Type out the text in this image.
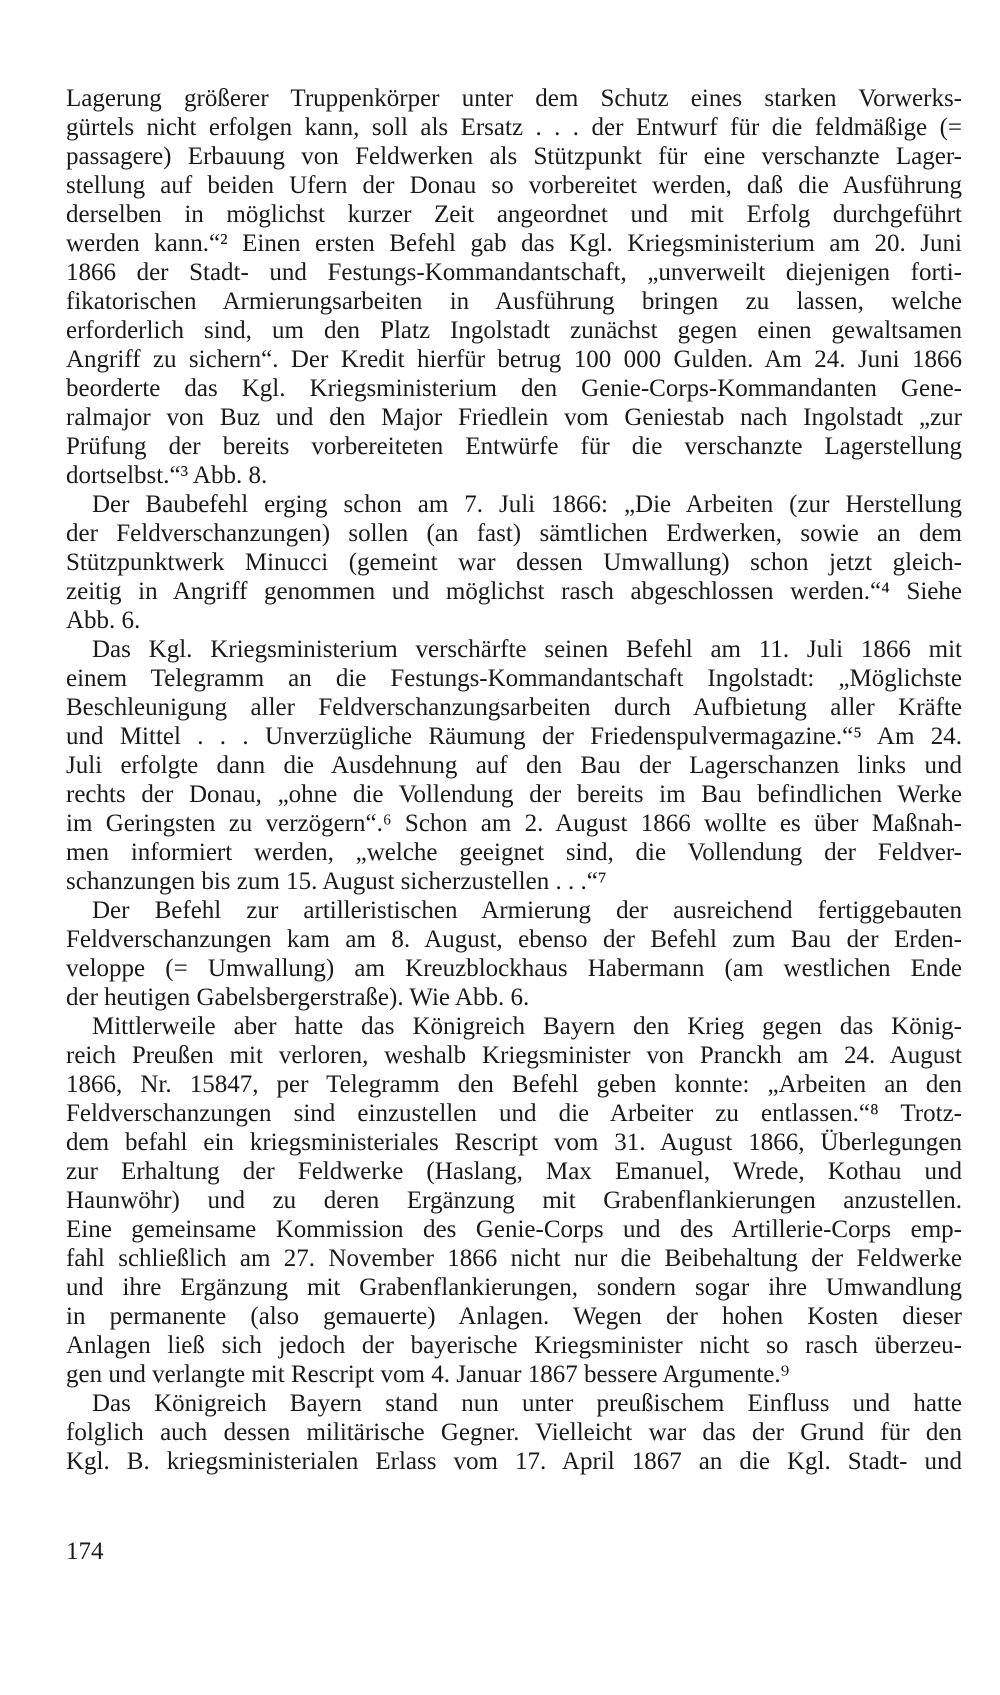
Lagerung größerer Truppenkörper unter dem Schutz eines starken Vorwerks-
gürtels nicht erfolgen kann, soll als Ersatz . . . der Entwurf für die feldmäßige (=
passagere) Erbauung von Feldwerken als Stützpunkt für eine verschanzte Lager-
stellung auf beiden Ufern der Donau so vorbereitet werden, daß die Ausführung
derselben in möglichst kurzer Zeit angeordnet und mit Erfolg durchgeführt
werden kann.“² Einen ersten Befehl gab das Kgl. Kriegsministerium am 20. Juni
1866 der Stadt- und Festungs-Kommandantschaft, „unverweilt diejenigen forti-
fikatorischen Armierungsarbeiten in Ausführung bringen zu lassen, welche
erforderlich sind, um den Platz Ingolstadt zunächst gegen einen gewaltsamen
Angriff zu sichern“. Der Kredit hierfür betrug 100 000 Gulden. Am 24. Juni 1866
beorderte das Kgl. Kriegsministerium den Genie-Corps-Kommandanten Gene-
ralmajor von Buz und den Major Friedlein vom Geniestab nach Ingolstadt „zur
Prüfung der bereits vorbereiteten Entwürfe für die verschanzte Lagerstellung
dortselbst.“³ Abb. 8.
Der Baubefehl erging schon am 7. Juli 1866: „Die Arbeiten (zur Herstellung
der Feldverschanzungen) sollen (an fast) sämtlichen Erdwerken, sowie an dem
Stützpunktwerk Minucci (gemeint war dessen Umwallung) schon jetzt gleich-
zeitig in Angriff genommen und möglichst rasch abgeschlossen werden.“⁴ Siehe
Abb. 6.
Das Kgl. Kriegsministerium verschärfte seinen Befehl am 11. Juli 1866 mit
einem Telegramm an die Festungs-Kommandantschaft Ingolstadt: „Möglichste
Beschleunigung aller Feldverschanzungsarbeiten durch Aufbietung aller Kräfte
und Mittel . . . Unverzügliche Räumung der Friedenspulvermagazine.“⁵ Am 24.
Juli erfolgte dann die Ausdehnung auf den Bau der Lagerschanzen links und
rechts der Donau, „ohne die Vollendung der bereits im Bau befindlichen Werke
im Geringsten zu verzögern“.⁶ Schon am 2. August 1866 wollte es über Maßnah-
men informiert werden, „welche geeignet sind, die Vollendung der Feldver-
schanzungen bis zum 15. August sicherzustellen . . .“⁷
Der Befehl zur artilleristischen Armierung der ausreichend fertiggebauten
Feldverschanzungen kam am 8. August, ebenso der Befehl zum Bau der Erden-
veloppe (= Umwallung) am Kreuzblockhaus Habermann (am westlichen Ende
der heutigen Gabelsbergerstraße). Wie Abb. 6.
Mittlerweile aber hatte das Königreich Bayern den Krieg gegen das König-
reich Preußen mit verloren, weshalb Kriegsminister von Pranckh am 24. August
1866, Nr. 15847, per Telegramm den Befehl geben konnte: „Arbeiten an den
Feldverschanzungen sind einzustellen und die Arbeiter zu entlassen.“⁸ Trotz-
dem befahl ein kriegsministeriales Rescript vom 31. August 1866, Überlegungen
zur Erhaltung der Feldwerke (Haslang, Max Emanuel, Wrede, Kothau und
Haunwöhr) und zu deren Ergänzung mit Grabenflankierungen anzustellen.
Eine gemeinsame Kommission des Genie-Corps und des Artillerie-Corps emp-
fahl schließlich am 27. November 1866 nicht nur die Beibehaltung der Feldwerke
und ihre Ergänzung mit Grabenflankierungen, sondern sogar ihre Umwandlung
in permanente (also gemauerte) Anlagen. Wegen der hohen Kosten dieser
Anlagen ließ sich jedoch der bayerische Kriegsminister nicht so rasch überzeu-
gen und verlangte mit Rescript vom 4. Januar 1867 bessere Argumente.⁹
Das Königreich Bayern stand nun unter preußischem Einfluss und hatte
folglich auch dessen militärische Gegner. Vielleicht war das der Grund für den
Kgl. B. kriegsministerialen Erlass vom 17. April 1867 an die Kgl. Stadt- und
174
